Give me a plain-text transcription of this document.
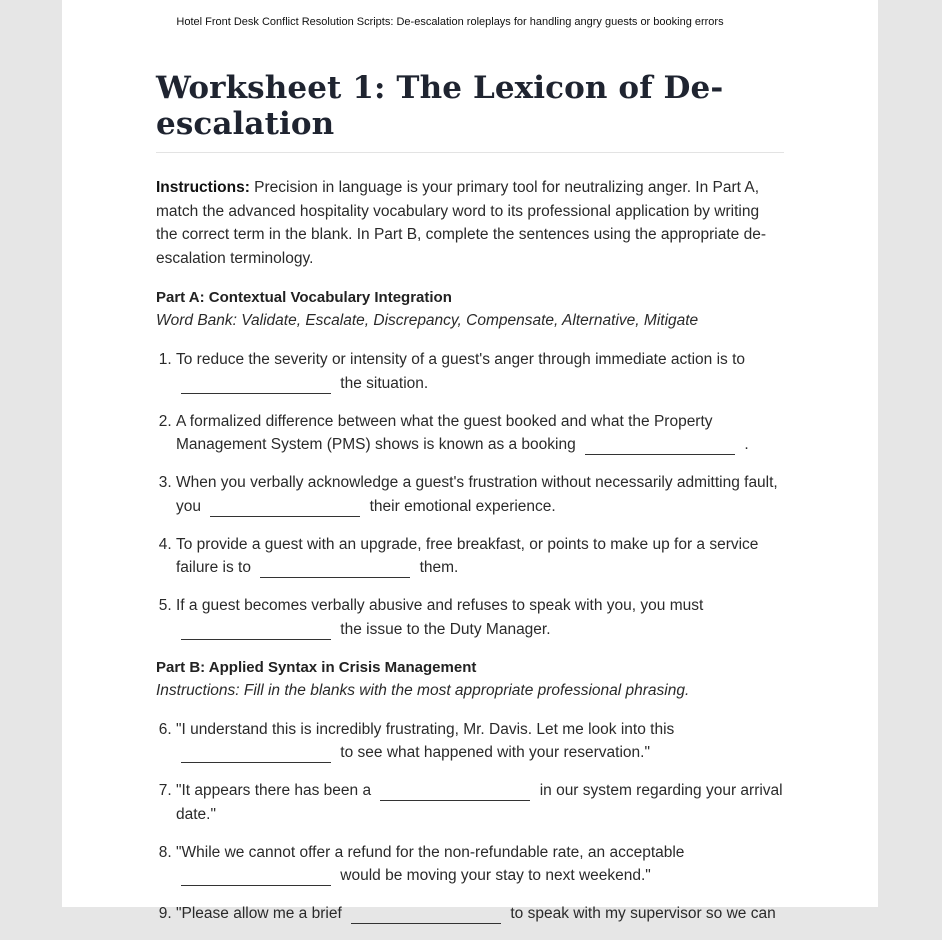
Hotel Front Desk Conflict Resolution Scripts: De-escalation roleplays for handling angry guests or booking errors
Worksheet 1: The Lexicon of De-escalation

Instructions: Precision in language is your primary tool for neutralizing anger. In Part A, match the advanced hospitality vocabulary word to its professional application by writing the correct term in the blank. In Part B, complete the sentences using the appropriate de-escalation terminology.

Part A: Contextual Vocabulary Integration
Word Bank: Validate, Escalate, Discrepancy, Compensate, Alternative, Mitigate
1. To reduce the severity or intensity of a guest's anger through immediate action is to  the situation.
2. A formalized difference between what the guest booked and what the Property Management System (PMS) shows is known as a booking	.
3. When you verbally acknowledge a guest's frustration without necessarily admitting fault, you	their emotional experience.
4. To provide a guest with an upgrade, free breakfast, or points to make up for a service failure is to	them.
5. If a guest becomes verbally abusive and refuses to speak with you, you must  the issue to the Duty Manager.
Part B: Applied Syntax in Crisis Management
Instructions: Fill in the blanks with the most appropriate professional phrasing.
6. "I understand this is incredibly frustrating, Mr. Davis. Let me look into this  to see what happened with your reservation."
7. "It appears there has been a	in our system regarding your arrival date."
8. "While we cannot offer a refund for the non-refundable rate, an acceptable  would be moving your stay to next weekend."
9. "Please allow me a brief	to speak with my supervisor so we can
